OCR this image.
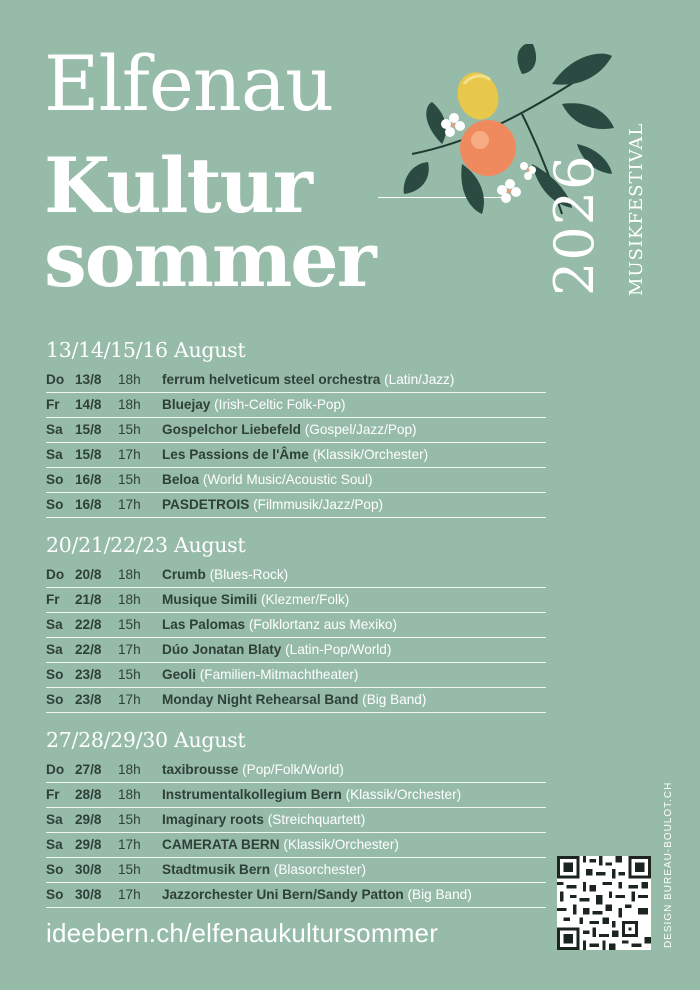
Elfenau
Kultur
sommer	2026 MUSIKFESTIVAL
13/14/15/16 August
Do 13/8 18h ferrum helveticum steel orchestra (Latin/Jazz)
Fr 14/8 18h Bluejay (Irish-Celtic Folk-Pop)
Sa 15/8 15h Gospelchor Liebefeld (Gospel/Jazz/Pop)
Sa 15/8 17h Les Passions de l'Âme (Klassik/Orchester)
So 16/8 15h Beloa (World Music/Acoustic Soul)
So 16/8 17h PASDETROIS (Filmmusik/Jazz/Pop)
20/21/22/23 August
Do 20/8 18h Crumb (Blues-Rock)
Fr 21/8 18h Musique Simili (Klezmer/Folk)
Sa 22/8 15h Las Palomas (Folklortanz aus Mexiko)
Sa 22/8 17h Dúo Jonatan Blaty (Latin-Pop/World)
So 23/8 15h Geoli (Familien-Mitmachtheater)
So 23/8 17h Monday Night Rehearsal Band (Big Band)
27/28/29/30 August
Do 27/8 18h taxibrousse (Pop/Folk/World)
Fr 28/8 18h Instrumentalkollegium Bern (Klassik/Orchester)
Sa 29/8 15h Imaginary roots (Streichquartett)
Sa 29/8 17h CAMERATA BERN (Klassik/Orchester)
So 30/8 15h Stadtmusik Bern (Blasorchester)
So 30/8 17h Jazzorchester Uni Bern/Sandy Patton (Big Band)
ideebern.ch/elfenaukultursommer	DESIGN BUREAU-BOULOT.CH
